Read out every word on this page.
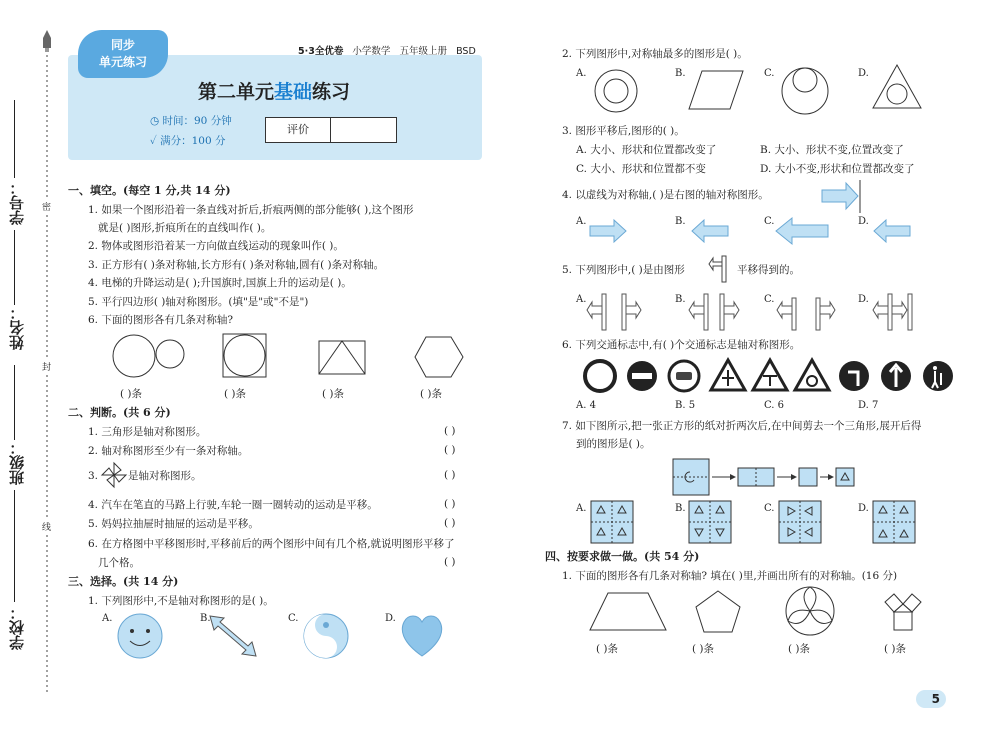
密
封
线
学号：
姓名：
班级：
学校：
同步
单元练习
5·3全优卷 小学数学 五年级上册 BSD
第二单元基础练习
◷ 时间：90 分钟
✓ 满分：100 分
评价
一、填空。(每空 1 分,共 14 分)
1. 如果一个图形沿着一条直线对折后,折痕两侧的部分能够( ),这个图形
就是( )图形,折痕所在的直线叫作( )。
2. 物体或图形沿着某一方向做直线运动的现象叫作( )。
3. 正方形有( )条对称轴,长方形有( )条对称轴,圆有( )条对称轴。
4. 电梯的升降运动是( );升国旗时,国旗上升的运动是( )。
5. 平行四边形( )轴对称图形。(填"是"或"不是")
6. 下面的图形各有几条对称轴?
( )条	( )条	( )条	( )条
二、判断。(共 6 分)
1. 三角形是轴对称图形。	( )
2. 轴对称图形至少有一条对称轴。	( )
3.	是轴对称图形。	( )
4. 汽车在笔直的马路上行驶,车轮一圈一圈转动的运动是平移。	( )
5. 妈妈拉抽屉时抽屉的运动是平移。	( )
6. 在方格图中平移图形时,平移前后的两个图形中间有几个格,就说明图形平移了
几个格。	( )
三、选择。(共 14 分)
1. 下列图形中,不是轴对称图形的是( )。
A.	B.	C.	D.
2. 下列图形中,对称轴最多的图形是( )。
A.	B.	C.	D.
3. 图形平移后,图形的( )。
A. 大小、形状和位置都改变了	B. 大小、形状不变,位置改变了
C. 大小、形状和位置都不变	D. 大小不变,形状和位置都改变了
4. 以虚线为对称轴,( )是右图的轴对称图形。
A.	B.	C.	D.
5. 下列图形中,( )是由图形	平移得到的。
A.	B.	C.	D.
6. 下列交通标志中,有( )个交通标志是轴对称图形。
A. 4	B. 5	C. 6	D. 7
7. 如下图所示,把一张正方形的纸对折两次后,在中间剪去一个三角形,展开后得
到的图形是( )。
A.	B.	C.	D.
四、按要求做一做。(共 54 分)
1. 下面的图形各有几条对称轴? 填在( )里,并画出所有的对称轴。(16 分)
( )条	( )条	( )条	( )条
5
